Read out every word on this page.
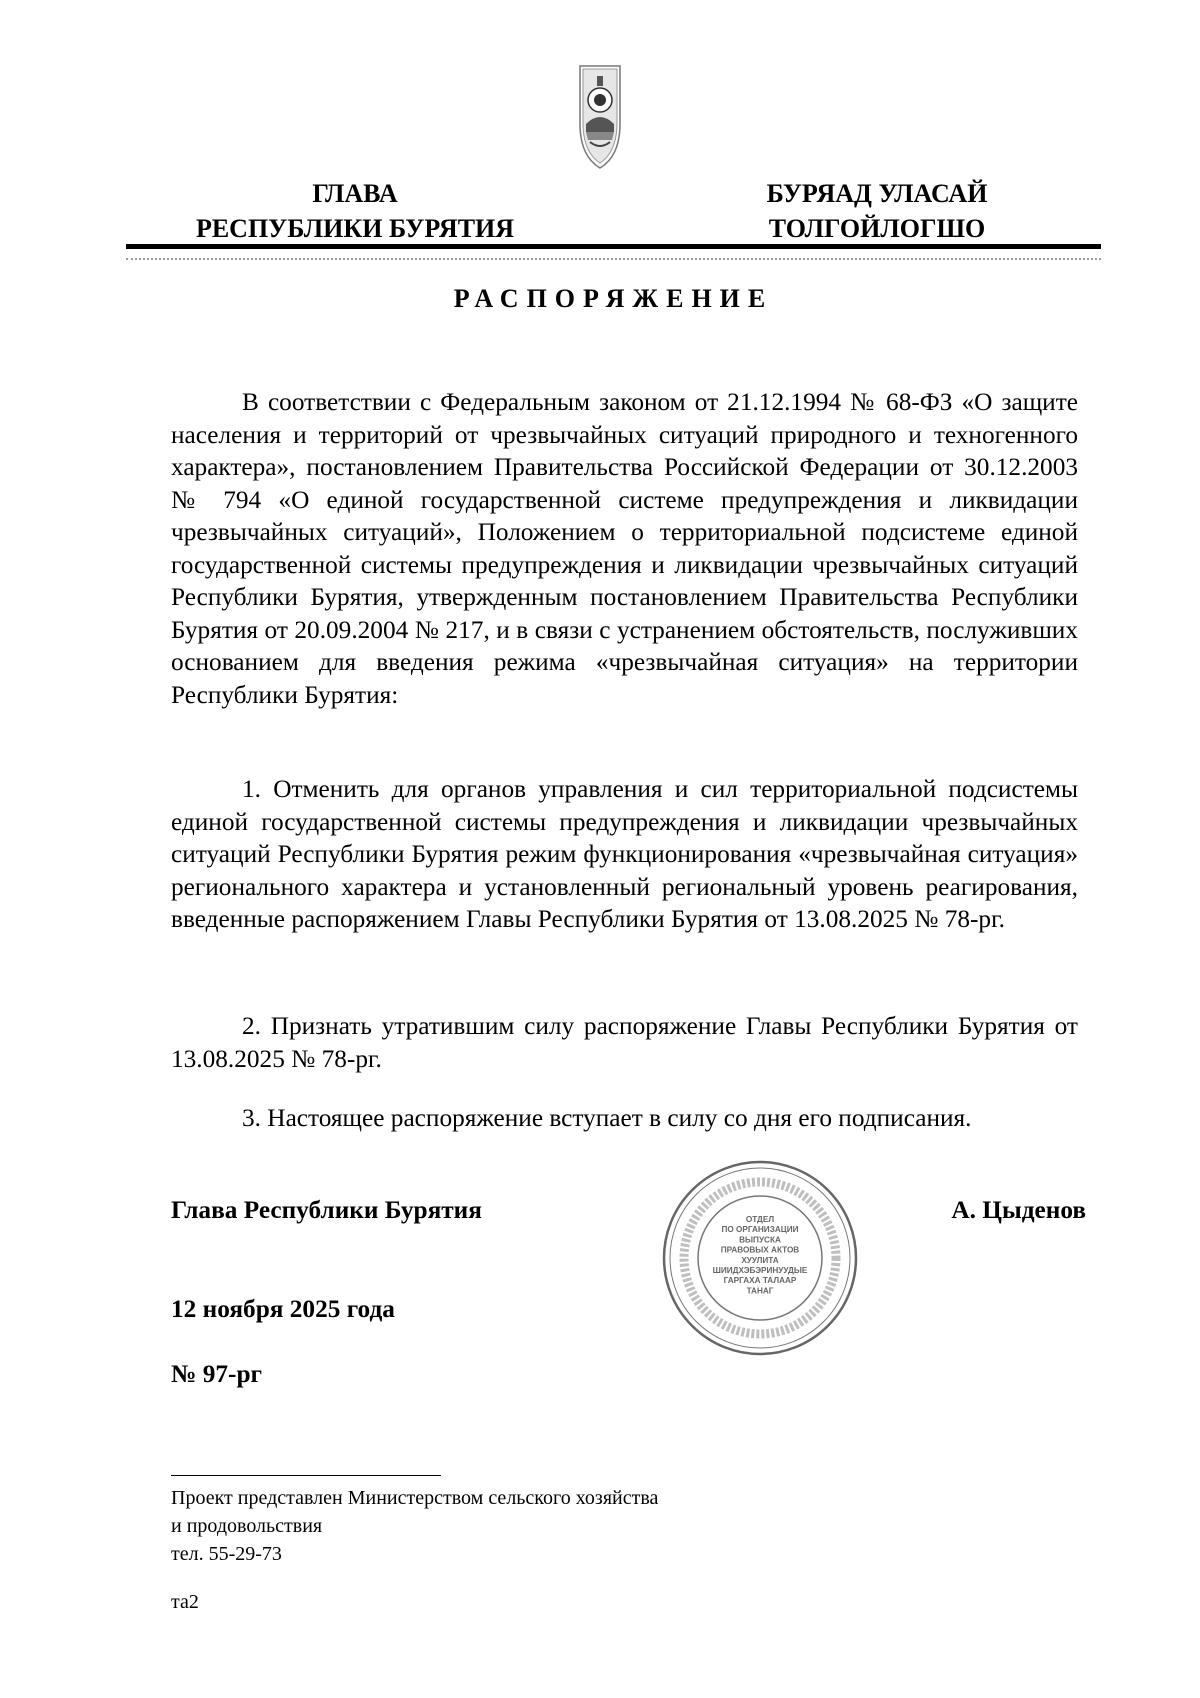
ГЛАВА
РЕСПУБЛИКИ БУРЯТИЯ
БУРЯАД УЛАСАЙ
ТОЛГОЙЛОГШО
РАСПОРЯЖЕНИЕ

В соответствии с Федеральным законом от 21.12.1994 № 68-ФЗ «О защите населения и территорий от чрезвычайных ситуаций природного и техногенного характера», постановлением Правительства Российской Федерации от 30.12.2003 № 794 «О единой государственной системе предупреждения и ликвидации чрезвычайных ситуаций», Положением о территориальной подсистеме единой государственной системы предупреждения и ликвидации чрезвычайных ситуаций Республики Бурятия, утвержденным постановлением Правительства Республики Бурятия от 20.09.2004 № 217, и в связи с устранением обстоятельств, послуживших основанием для введения режима «чрезвычайная ситуация» на территории Республики Бурятия:

1. Отменить для органов управления и сил территориальной подсистемы единой государственной системы предупреждения и ликвидации чрезвычайных ситуаций Республики Бурятия режим функционирования «чрезвычайная ситуация» регионального характера и установленный региональный уровень реагирования, введенные распоряжением Главы Республики Бурятия от 13.08.2025 № 78-рг.

2. Признать утратившим силу распоряжение Главы Республики Бурятия от 13.08.2025 № 78-рг.

3. Настоящее распоряжение вступает в силу со дня его подписания.

Глава Республики Бурятия	А. Цыденов
12 ноября 2025 года
№ 97-рг
ОТДЕЛ
ПО ОРГАНИЗАЦИИ
ВЫПУСКА
ПРАВОВЫХ АКТОВ
ХУУЛИТА
ШИИДХЭБЭРИНУУДЫЕ
ГАРГАХА ТАЛААР
ТАНАГ
Проект представлен Министерством сельского хозяйства
и продовольствия
тел. 55-29-73
та2
